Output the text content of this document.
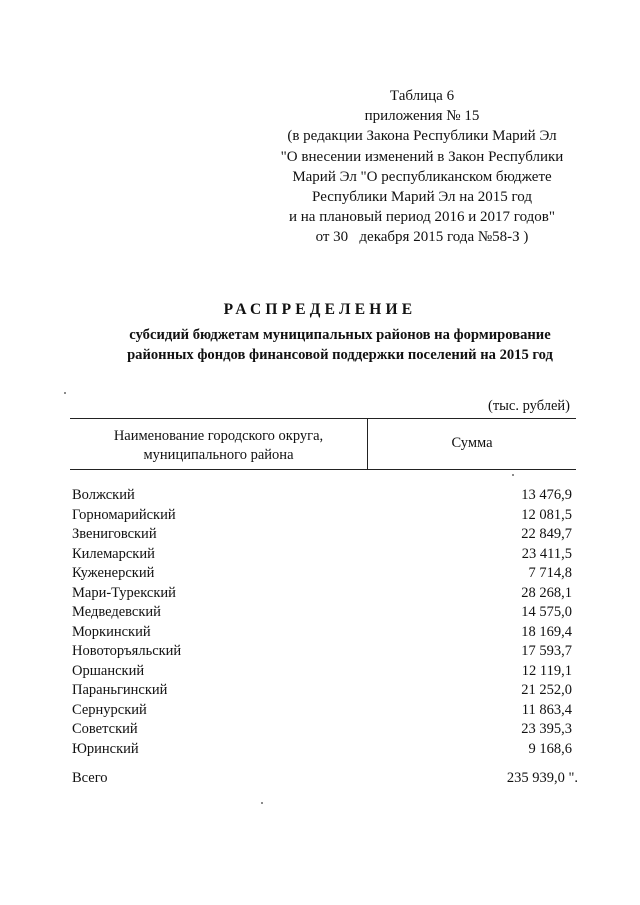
Таблица 6
приложения № 15
(в редакции Закона Республики Марий Эл
"О внесении изменений в Закон Республики
Марий Эл "О республиканском бюджете
Республики Марий Эл на 2015 год
и на плановый период 2016 и 2017 годов"
от 30   декабря 2015 года №58-З )
РАСПРЕДЕЛЕНИЕ
субсидий бюджетам муниципальных районов на формирование
районных фондов финансовой поддержки поселений на 2015 год
(тыс. рублей)
Наименование городского округа,
муниципального района
Сумма
Волжский	13 476,9
Горномарийский	12 081,5
Звениговский	22 849,7
Килемарский	23 411,5
Куженерский	7 714,8
Мари-Турекский	28 268,1
Медведевский	14 575,0
Моркинский	18 169,4
Новоторъяльский	17 593,7
Оршанский	12 119,1
Параньгинский	21 252,0
Сернурский	11 863,4
Советский	23 395,3
Юринский	9 168,6
Всего	235 939,0 ".
